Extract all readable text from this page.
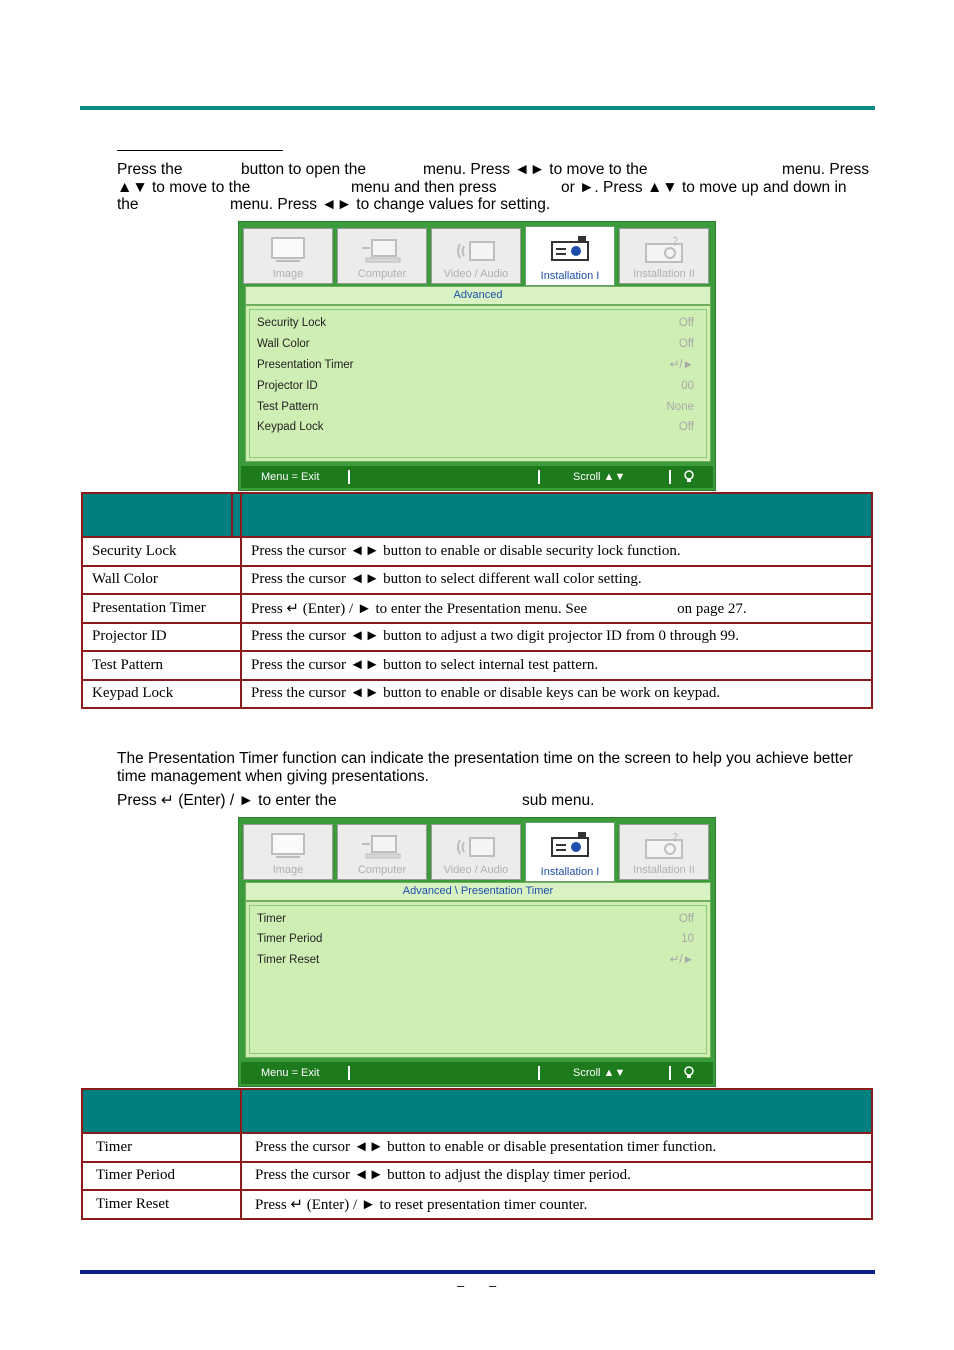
Press the	button to open the	menu. Press ◄► to move to the	menu. Press
▲▼ to move to the	menu and then press	or ►. Press ▲▼ to move up and down in
the	menu. Press ◄► to change values for setting.
Image	Computer	Video / Audio	Installation I
?
Installation II
Advanced
Security Lock	Off
Wall Color	Off
Presentation Timer	↵/►
Projector ID	00
Test Pattern	None
Keypad Lock	Off
Menu = Exit	Scroll ▲▼

Security Lock	Press the cursor ◄► button to enable or disable security lock function.
Wall Color	Press the cursor ◄► button to select different wall color setting.
Presentation Timer	Press ↵ (Enter) / ► to enter the Presentation menu. See                        on page 27.
Projector ID	Press the cursor ◄► button to adjust a two digit projector ID from 0 through 99.
Test Pattern	Press the cursor ◄► button to select internal test pattern.
Keypad Lock	Press the cursor ◄► button to enable or disable keys can be work on keypad.
The Presentation Timer function can indicate the presentation time on the screen to help you achieve better time management when giving presentations.
Press ↵ (Enter) / ► to enter the	sub menu.
Image	Computer	Video / Audio	Installation I
?
Installation II
Advanced \ Presentation Timer
Timer	Off
Timer Period	10
Timer Reset	↵/►
Menu = Exit	Scroll ▲▼

Timer	Press the cursor ◄► button to enable or disable presentation timer function.
Timer Period	Press the cursor ◄► button to adjust the display timer period.
Timer Reset	Press ↵ (Enter) / ► to reset presentation timer counter.
– –
